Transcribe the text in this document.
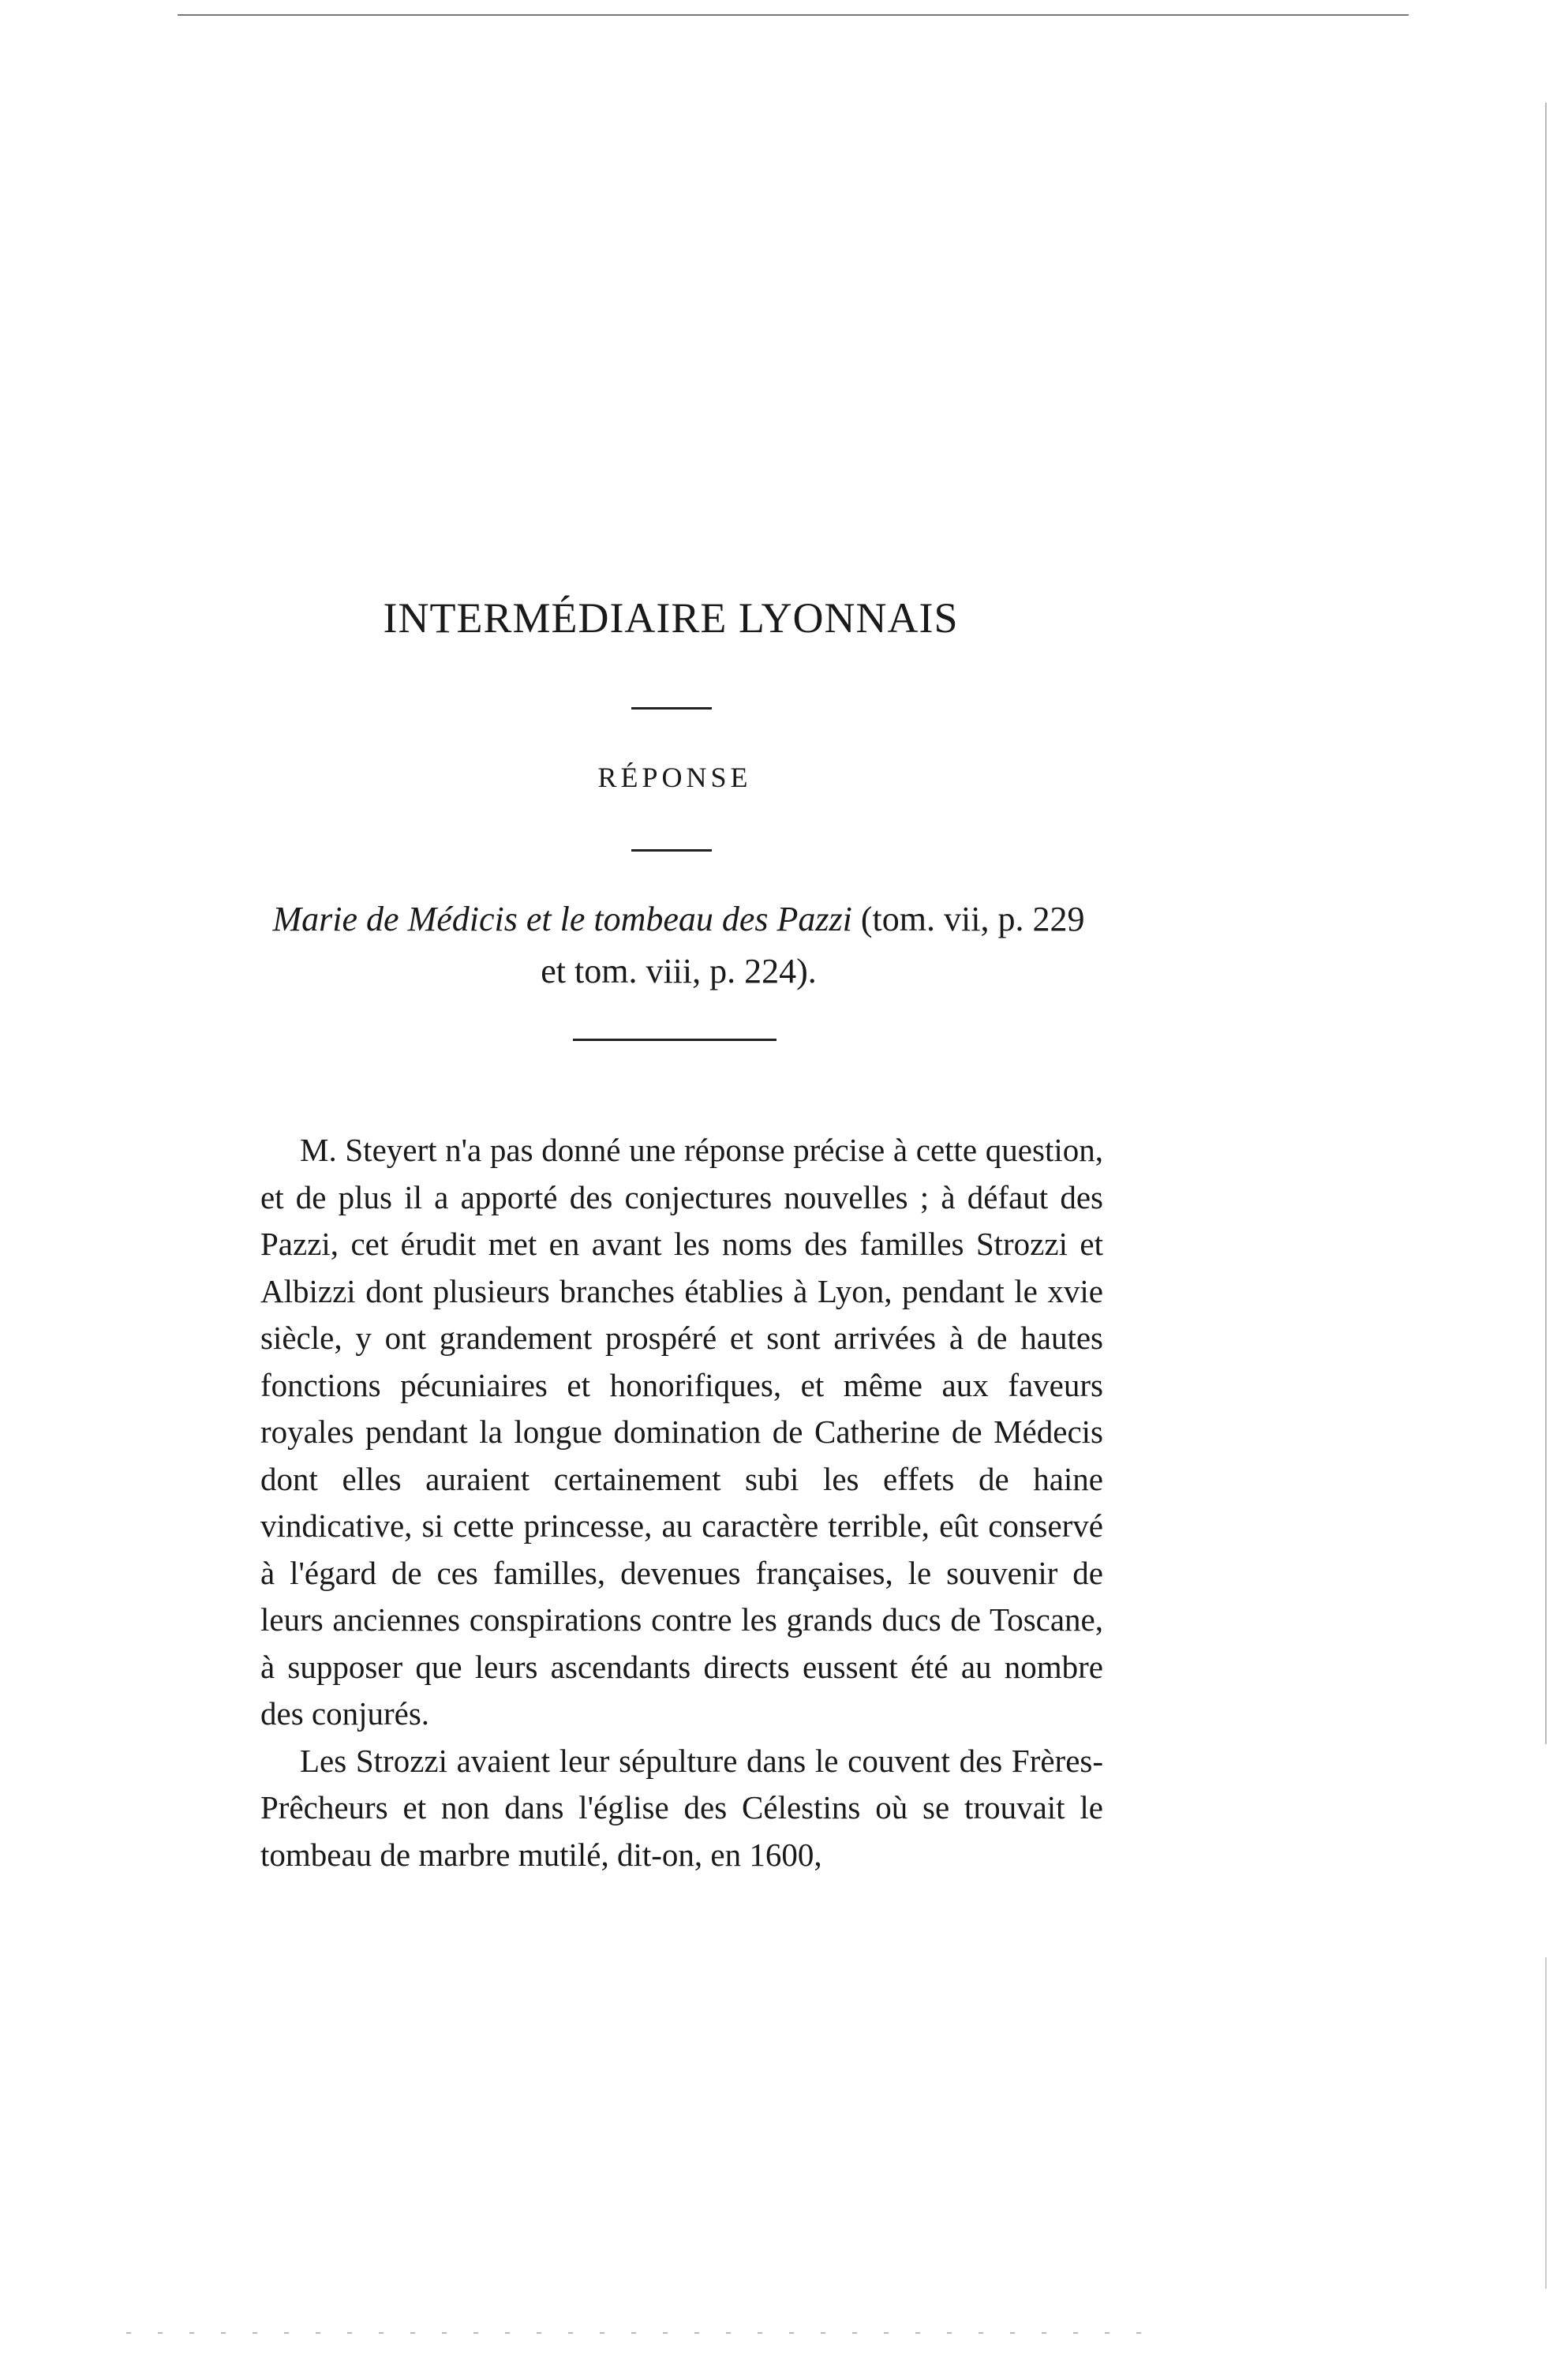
INTERMÉDIAIRE LYONNAIS
RÉPONSE

Marie de Médicis et le tombeau des Pazzi (tom. vii, p. 229 et tom. viii, p. 224).

M. Steyert n'a pas donné une réponse précise à cette question, et de plus il a apporté des conjectures nouvelles ; à défaut des Pazzi, cet érudit met en avant les noms des familles Strozzi et Albizzi dont plusieurs branches établies à Lyon, pendant le xvie siècle, y ont grandement prospéré et sont arrivées à de hautes fonctions pécuniaires et honorifiques, et même aux faveurs royales pendant la longue domination de Catherine de Médecis dont elles auraient certainement subi les effets de haine vindicative, si cette princesse, au caractère terrible, eût conservé à l'égard de ces familles, devenues françaises, le souvenir de leurs anciennes conspirations contre les grands ducs de Toscane, à supposer que leurs ascendants directs eussent été au nombre des conjurés.

Les Strozzi avaient leur sépulture dans le couvent des Frères-Prêcheurs et non dans l'église des Célestins où se trouvait le tombeau de marbre mutilé, dit-on, en 1600,
